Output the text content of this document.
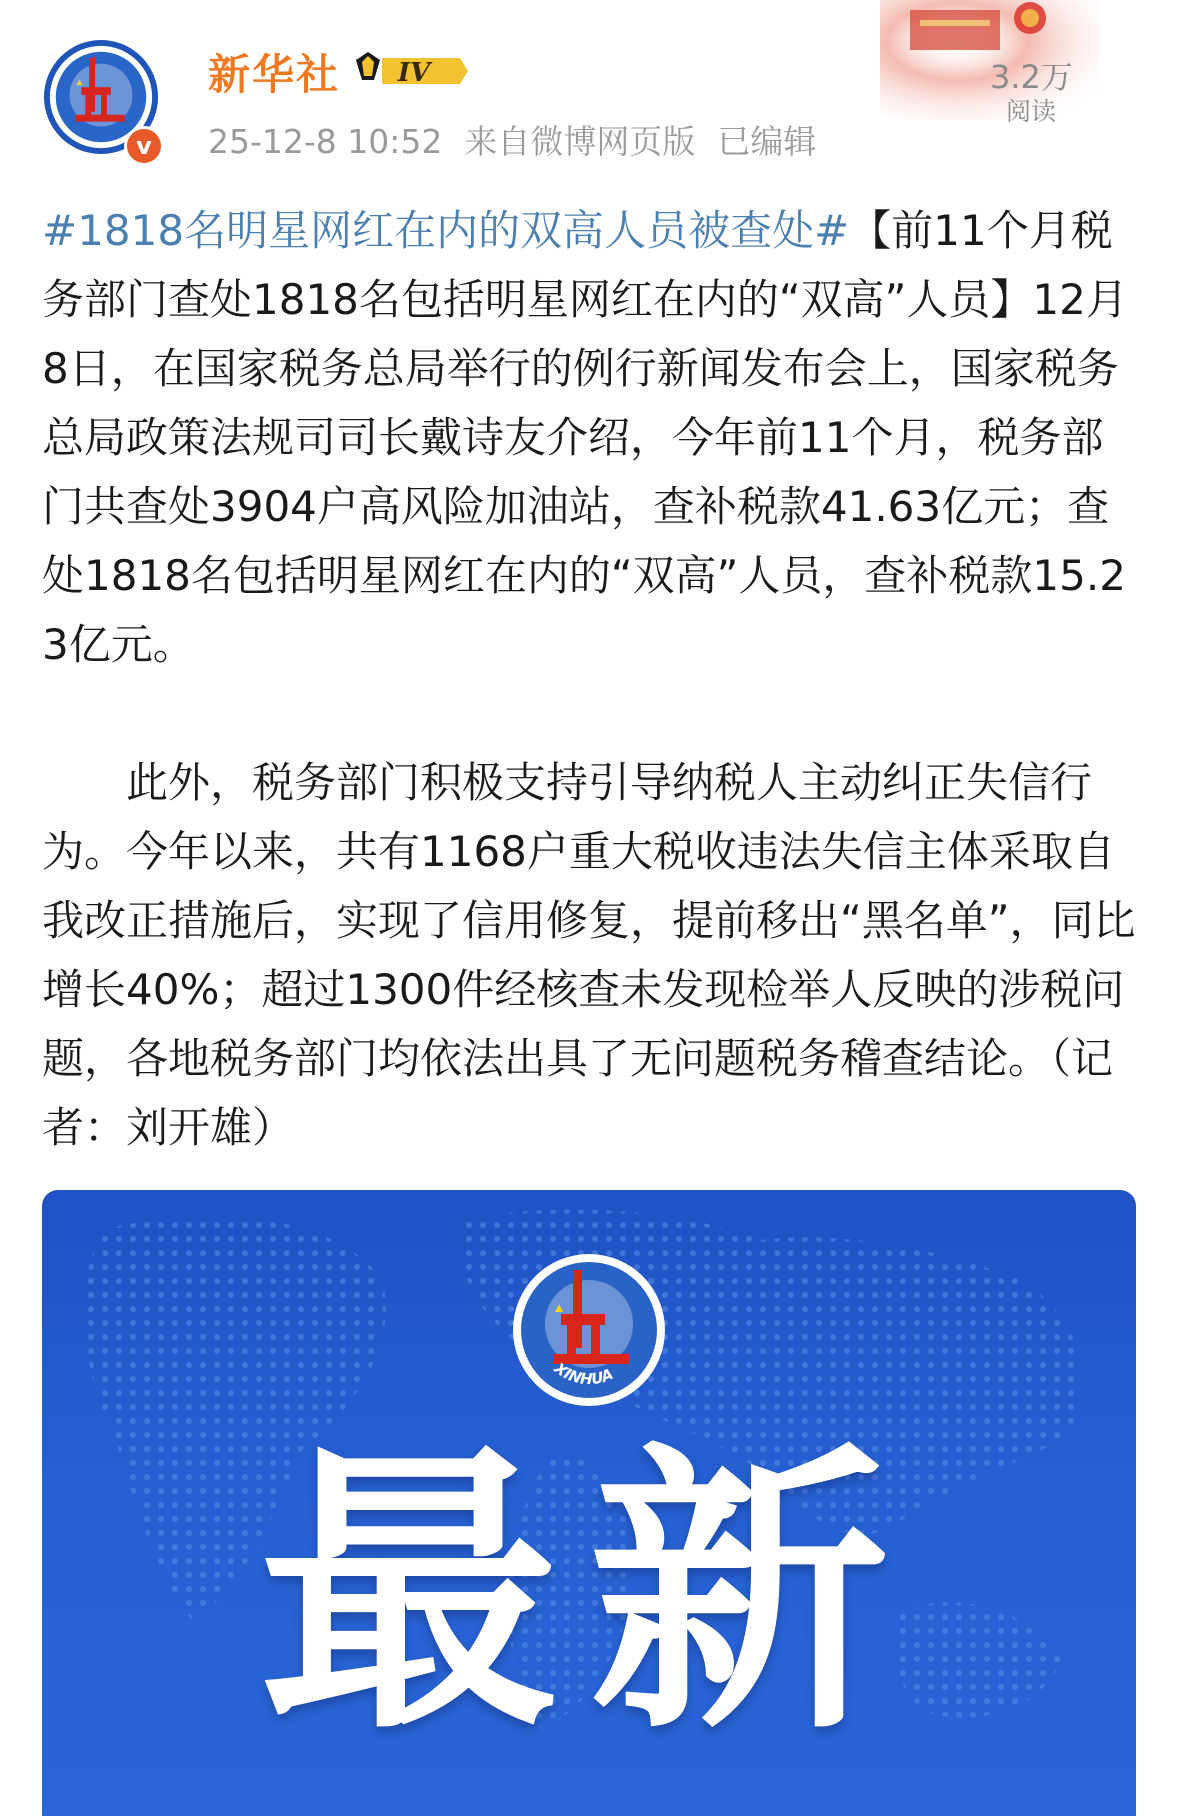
v
新华社 IV
25-12-8 10:52 来自微博网页版 已编辑
3.2万
阅读

#1818名明星网红在内的双高人员被查处#【前11个月税务部门查处1818名包括明星网红在内的“双高”人员】12月8日，在国家税务总局举行的例行新闻发布会上，国家税务总局政策法规司司长戴诗友介绍，今年前11个月，税务部门共查处3904户高风险加油站，查补税款41.63亿元；查处1818名包括明星网红在内的“双高”人员，查补税款15.23亿元。

此外，税务部门积极支持引导纳税人主动纠正失信行为。今年以来，共有1168户重大税收违法失信主体采取自我改正措施后，实现了信用修复，提前移出“黑名单”，同比增长40%；超过1300件经核查未发现检举人反映的涉税问题，各地税务部门均依法出具了无问题税务稽查结论。（记者：刘开雄）

XINHUA
最新
